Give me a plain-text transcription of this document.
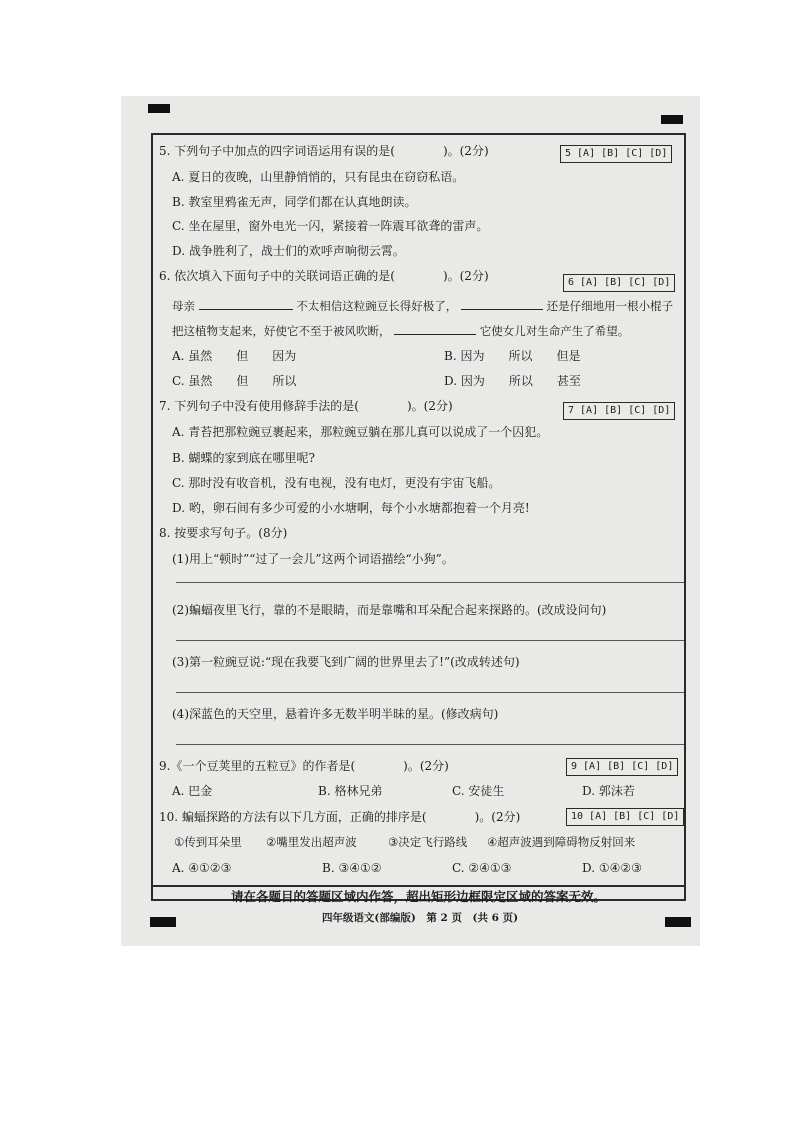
5. 下列句子中加点的四字词语运用有误的是(　　　　)。(2分)	5 [A] [B] [C] [D]
A. 夏日的夜晚，山里静悄悄的，只有昆虫在窃窃私语。
B. 教室里鸦雀无声，同学们都在认真地朗读。
C. 坐在屋里，窗外电光一闪，紧接着一阵震耳欲聋的雷声。
D. 战争胜利了，战士们的欢呼声响彻云霄。
6. 依次填入下面句子中的关联词语正确的是(　　　　)。(2分)	6 [A] [B] [C] [D]
母亲	不太相信这粒豌豆长得好极了，	还是仔细地用一根小棍子
把这植物支起来，好使它不至于被风吹断，	它使女儿对生命产生了希望。
A. 虽然　　但　　因为	B. 因为　　所以　　但是
C. 虽然　　但　　所以	D. 因为　　所以　　甚至
7. 下列句子中没有使用修辞手法的是(　　　　)。(2分)	7 [A] [B] [C] [D]
A. 青苔把那粒豌豆裹起来，那粒豌豆躺在那儿真可以说成了一个囚犯。
B. 蝴蝶的家到底在哪里呢?
C. 那时没有收音机，没有电视，没有电灯，更没有宇宙飞船。
D. 哟，卵石间有多少可爱的小水塘啊，每个小水塘都抱着一个月亮!
8. 按要求写句子。(8分)
(1)用上“顿时”“过了一会儿”这两个词语描绘“小狗”。
(2)蝙蝠夜里飞行，靠的不是眼睛，而是靠嘴和耳朵配合起来探路的。(改成设问句)
(3)第一粒豌豆说:“现在我要飞到广阔的世界里去了!”(改成转述句)
(4)深蓝色的天空里，悬着许多无数半明半昧的星。(修改病句)
9.《一个豆荚里的五粒豆》的作者是(　　　　)。(2分)	9 [A] [B] [C] [D]
A. 巴金	B. 格林兄弟	C. 安徒生	D. 郭沫若
10. 蝙蝠探路的方法有以下几方面，正确的排序是(　　　　)。(2分)	10 [A] [B] [C] [D]
①传到耳朵里 ②嘴里发出超声波	③决定飞行路线 ④超声波遇到障碍物反射回来
A. ④①②③	B. ③④①②	C. ②④①③	D. ①④②③
请在各题目的答题区域内作答，超出矩形边框限定区域的答案无效。
四年级语文(部编版)　第 2 页　(共 6 页)
